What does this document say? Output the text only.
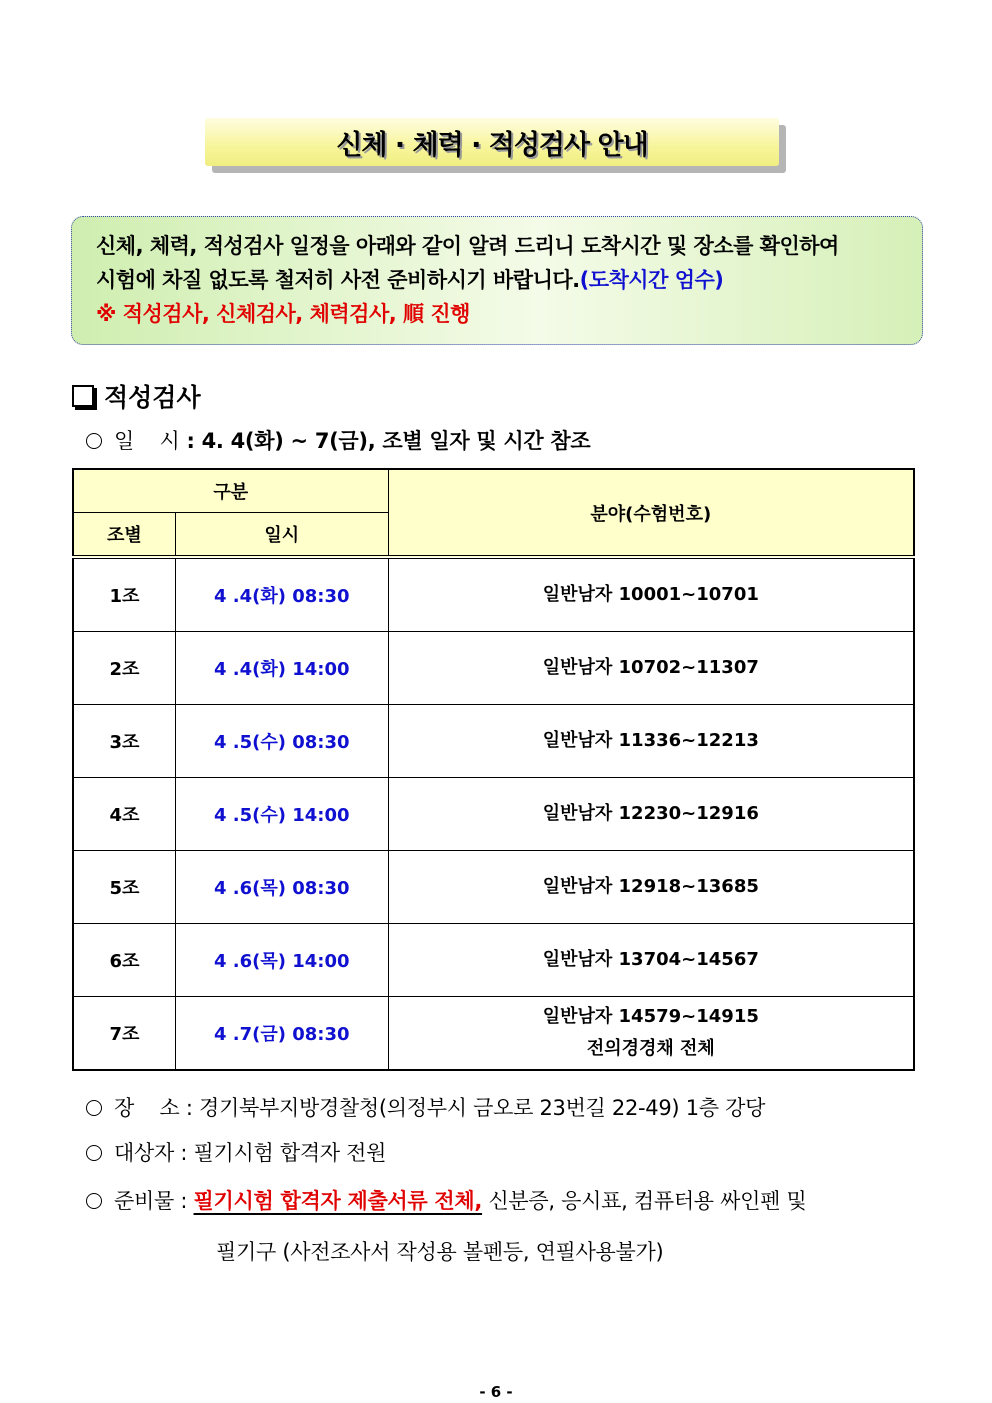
신체 · 체력 · 적성검사 안내
신체, 체력, 적성검사 일정을 아래와 같이 알려 드리니 도착시간 및 장소를 확인하여
시험에 차질 없도록 철저히 사전 준비하시기 바랍니다.(도착시간 엄수)
※ 적성검사, 신체검사, 체력검사, 順 진행
적성검사
일    시 : 4. 4(화) ~ 7(금), 조별 일자 및 시간 참조
구분		분야(수험번호)
조별	일시	
1조	4 .4(화) 08:30	일반남자 10001~10701
2조	4 .4(화) 14:00	일반남자 10702~11307
3조	4 .5(수) 08:30	일반남자 11336~12213
4조	4 .5(수) 14:00	일반남자 12230~12916
5조	4 .6(목) 08:30	일반남자 12918~13685
6조	4 .6(목) 14:00	일반남자 13704~14567
7조	4 .7(금) 08:30	일반남자 14579~14915
전의경경채 전체
장    소 : 경기북부지방경찰청(의정부시 금오로 23번길 22-49) 1층 강당
대상자 : 필기시험 합격자 전원
준비물 : 필기시험 합격자 제출서류 전체, 신분증, 응시표, 컴퓨터용 싸인펜 및
필기구 (사전조사서 작성용 볼펜등, 연필사용불가)
- 6 -
